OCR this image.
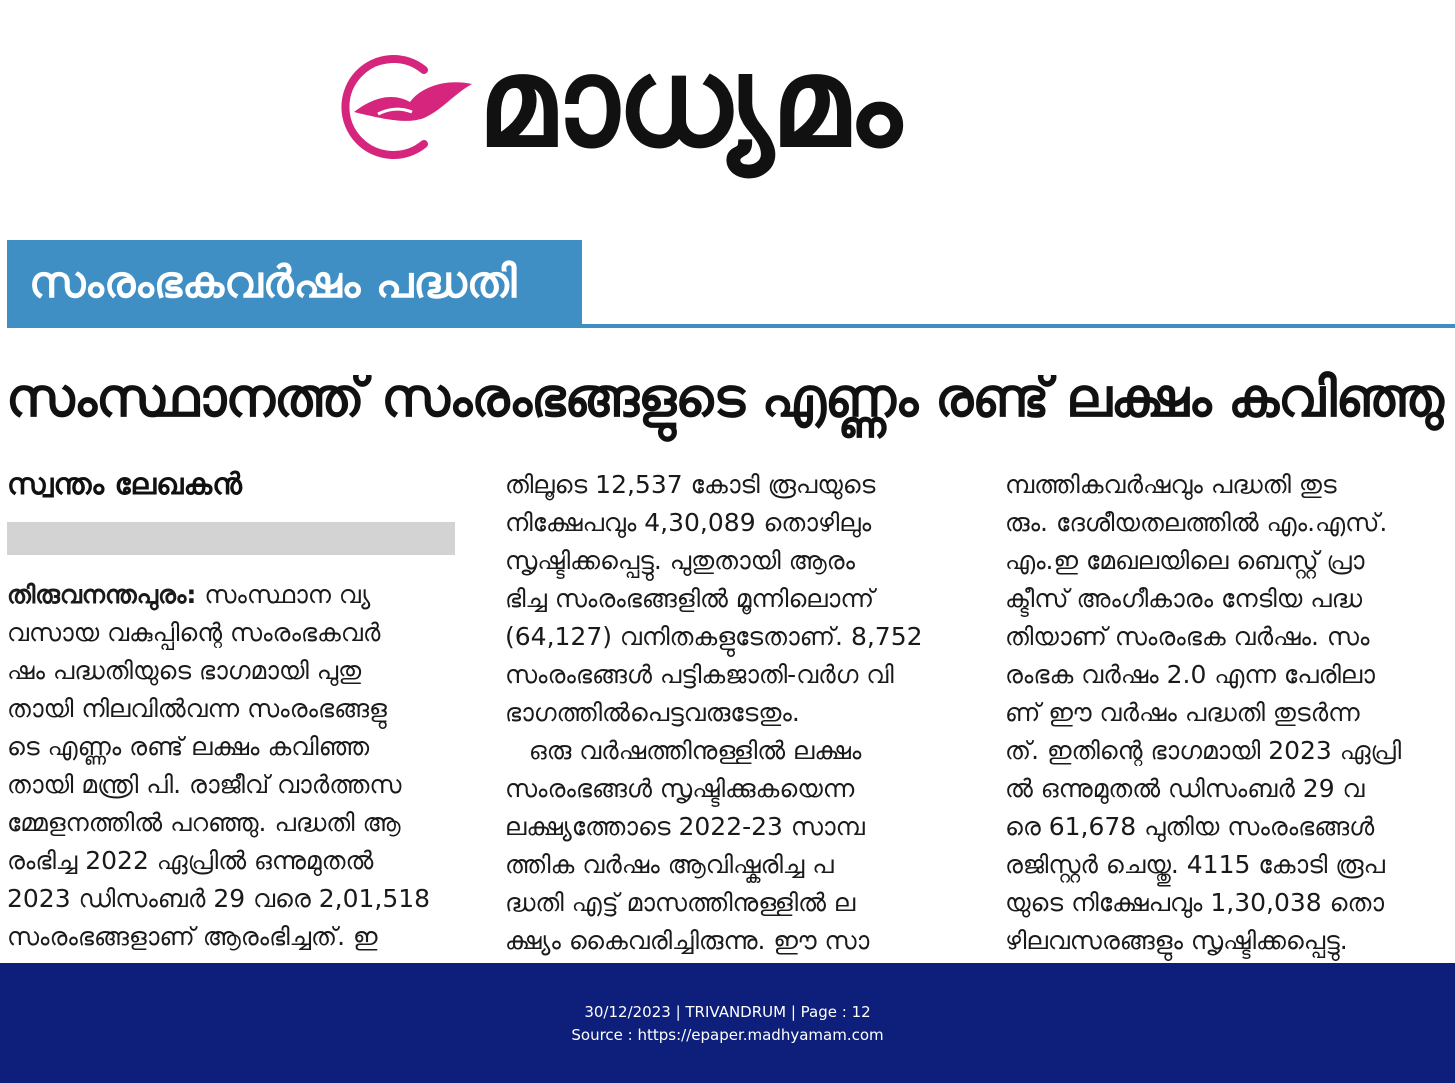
മാധ്യമം
സംരംഭകവർഷം പദ്ധതി
സംസ്ഥാനത്ത് സംരംഭങ്ങളുടെ എണ്ണം രണ്ട് ലക്ഷം കവിഞ്ഞു
സ്വന്തം ലേഖകൻ
തിരുവനന്തപുരം: സംസ്ഥാന വ്യ
വസായ വകുപ്പിന്റെ സംരംഭകവർ
ഷം പദ്ധതിയുടെ ഭാഗമായി പുതു
തായി നിലവിൽവന്ന സംരംഭങ്ങളു
ടെ എണ്ണം രണ്ട് ലക്ഷം കവിഞ്ഞ
തായി മന്ത്രി പി. രാജീവ് വാർത്തസ
മ്മേളനത്തിൽ പറഞ്ഞു. പദ്ധതി ആ
രംഭിച്ച 2022 ഏപ്രിൽ ഒന്നുമുതൽ
2023 ഡിസംബർ 29 വരെ 2,01,518
സംരംഭങ്ങളാണ് ആരംഭിച്ചത്. ഇ
തിലൂടെ 12,537 കോടി രൂപയുടെ
നിക്ഷേപവും 4,30,089 തൊഴിലും
സൃഷ്ടിക്കപ്പെട്ടു. പുതുതായി ആരം
ഭിച്ച സംരംഭങ്ങളിൽ മൂന്നിലൊന്ന്
(64,127) വനിതകളുടേതാണ്. 8,752
സംരംഭങ്ങൾ പട്ടികജാതി-വർഗ വി
ഭാഗത്തിൽപെട്ടവരുടേതും.
ഒരു വർഷത്തിനുള്ളിൽ ലക്ഷം
സംരംഭങ്ങൾ സൃഷ്ടിക്കുകയെന്ന
ലക്ഷ്യത്തോടെ 2022-23 സാമ്പ
ത്തിക വർഷം ആവിഷ്കരിച്ച പ
ദ്ധതി എട്ട് മാസത്തിനുള്ളിൽ ല
ക്ഷ്യം കൈവരിച്ചിരുന്നു. ഈ സാ
മ്പത്തികവർഷവും പദ്ധതി തുട
രും. ദേശീയതലത്തിൽ എം.എസ്.
എം.ഇ മേഖലയിലെ ബെസ്റ്റ് പ്രാ
ക്ടീസ് അംഗീകാരം നേടിയ പദ്ധ
തിയാണ് സംരംഭക വർഷം. സം
രംഭക വർഷം 2.0 എന്ന പേരിലാ
ണ് ഈ വർഷം പദ്ധതി തുടർന്ന
ത്. ഇതിന്റെ ഭാഗമായി 2023 ഏപ്രി
ൽ ഒന്നുമുതൽ ഡിസംബർ 29 വ
രെ 61,678 പുതിയ സംരംഭങ്ങൾ
രജിസ്റ്റർ ചെയ്തു. 4115 കോടി രൂപ
യുടെ നിക്ഷേപവും 1,30,038 തൊ
ഴിലവസരങ്ങളും സൃഷ്ടിക്കപ്പെട്ടു.
30/12/2023 | TRIVANDRUM | Page : 12
Source : https://epaper.madhyamam.com
